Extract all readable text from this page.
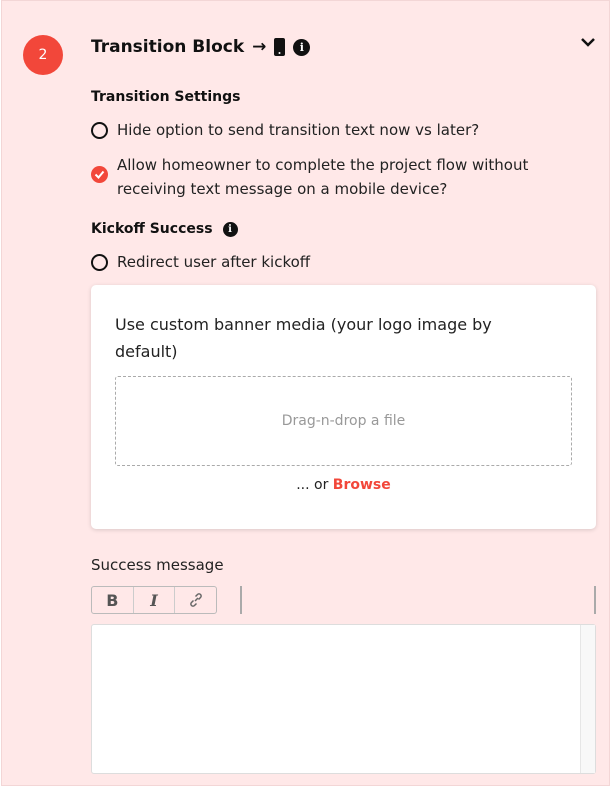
2	Transition Block →	i
Transition Settings
Hide option to send transition text now vs later?
Allow homeowner to complete the project flow without receiving text message on a mobile device?
Kickoff Success	i
Redirect user after kickoff
Use custom banner media (your logo image by default)
Drag-n-drop a file
... or Browse
Success message
B	I
